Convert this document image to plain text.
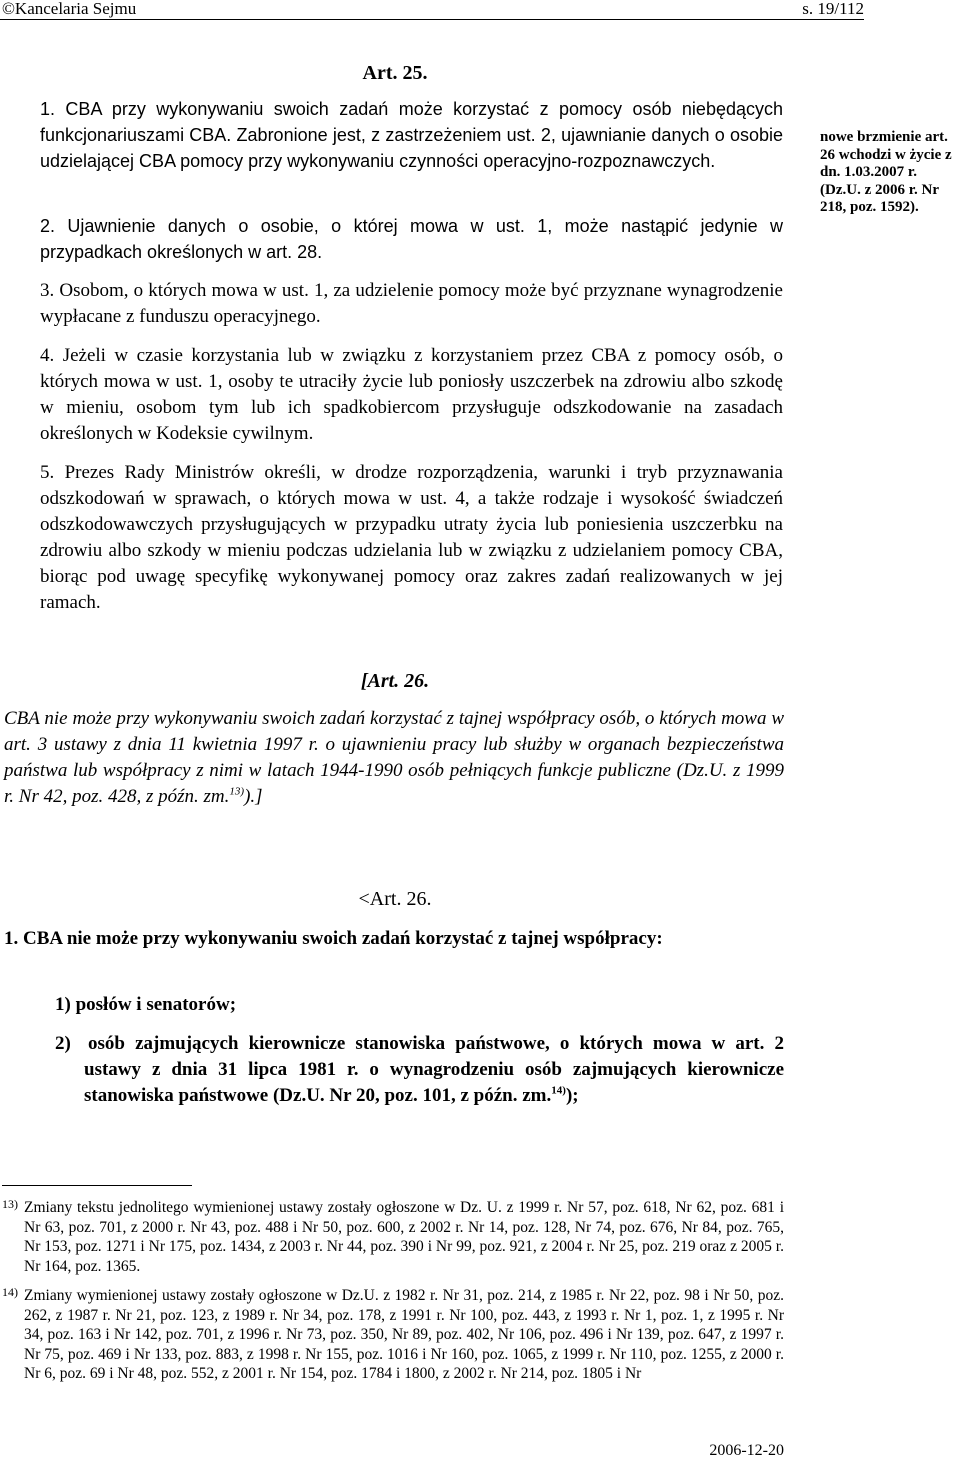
©Kancelaria Sejmu	s. 19/112
Art. 25.
1. CBA przy wykonywaniu swoich zadań może korzystać z pomocy osób niebędących funkcjonariuszami CBA. Zabronione jest, z zastrzeżeniem ust. 2, ujawnianie danych o osobie udzielającej CBA pomocy przy wykonywaniu czynności operacyjno-rozpoznawczych.
2. Ujawnienie danych o osobie, o której mowa w ust. 1, może nastąpić jedynie w przypadkach określonych w art. 28.
3. Osobom, o których mowa w ust. 1, za udzielenie pomocy może być przyznane wynagrodzenie wypłacane z funduszu operacyjnego.
4. Jeżeli w czasie korzystania lub w związku z korzystaniem przez CBA z pomocy osób, o których mowa w ust. 1, osoby te utraciły życie lub poniosły uszczerbek na zdrowiu albo szkodę w mieniu, osobom tym lub ich spadkobiercom przysługuje odszkodowanie na zasadach określonych w Kodeksie cywilnym.
5. Prezes Rady Ministrów określi, w drodze rozporządzenia, warunki i tryb przyznawania odszkodowań w sprawach, o których mowa w ust. 4, a także rodzaje i wysokość świadczeń odszkodowawczych przysługujących w przypadku utraty życia lub poniesienia uszczerbku na zdrowiu albo szkody w mieniu podczas udzielania lub w związku z udzielaniem pomocy CBA, biorąc pod uwagę specyfikę wykonywanej pomocy oraz zakres zadań realizowanych w jej ramach.
nowe brzmienie art. 26 wchodzi w życie z dn. 1.03.2007 r. (Dz.U. z 2006 r. Nr 218, poz. 1592).
[Art. 26.
CBA nie może przy wykonywaniu swoich zadań korzystać z tajnej współpracy osób, o których mowa w art. 3 ustawy z dnia 11 kwietnia 1997 r. o ujawnieniu pracy lub służby w organach bezpieczeństwa państwa lub współpracy z nimi w latach 1944-1990 osób pełniących funkcje publiczne (Dz.U. z 1999 r. Nr 42, poz. 428, z późn. zm.$^{13)}$).]
<Art. 26.
1. CBA nie może przy wykonywaniu swoich zadań korzystać z tajnej współpracy:
1) posłów i senatorów;
2) osób zajmujących kierownicze stanowiska państwowe, o których mowa w art. 2 ustawy z dnia 31 lipca 1981 r. o wynagrodzeniu osób zajmujących kierownicze stanowiska państwowe (Dz.U. Nr 20, poz. 101, z późn. zm.$^{14)}$);
13) Zmiany tekstu jednolitego wymienionej ustawy zostały ogłoszone w Dz. U. z 1999 r. Nr 57, poz. 618, Nr 62, poz. 681 i Nr 63, poz. 701, z 2000 r. Nr 43, poz. 488 i Nr 50, poz. 600, z 2002 r. Nr 14, poz. 128, Nr 74, poz. 676, Nr 84, poz. 765, Nr 153, poz. 1271 i Nr 175, poz. 1434, z 2003 r. Nr 44, poz. 390 i Nr 99, poz. 921, z 2004 r. Nr 25, poz. 219 oraz z 2005 r. Nr 164, poz. 1365.
14) Zmiany wymienionej ustawy zostały ogłoszone w Dz.U. z 1982 r. Nr 31, poz. 214, z 1985 r. Nr 22, poz. 98 i Nr 50, poz. 262, z 1987 r. Nr 21, poz. 123, z 1989 r. Nr 34, poz. 178, z 1991 r. Nr 100, poz. 443, z 1993 r. Nr 1, poz. 1, z 1995 r. Nr 34, poz. 163 i Nr 142, poz. 701, z 1996 r. Nr 73, poz. 350, Nr 89, poz. 402, Nr 106, poz. 496 i Nr 139, poz. 647, z 1997 r. Nr 75, poz. 469 i Nr 133, poz. 883, z 1998 r. Nr 155, poz. 1016 i Nr 160, poz. 1065, z 1999 r. Nr 110, poz. 1255, z 2000 r. Nr 6, poz. 69 i Nr 48, poz. 552, z 2001 r. Nr 154, poz. 1784 i 1800, z 2002 r. Nr 214, poz. 1805 i Nr
2006-12-20
